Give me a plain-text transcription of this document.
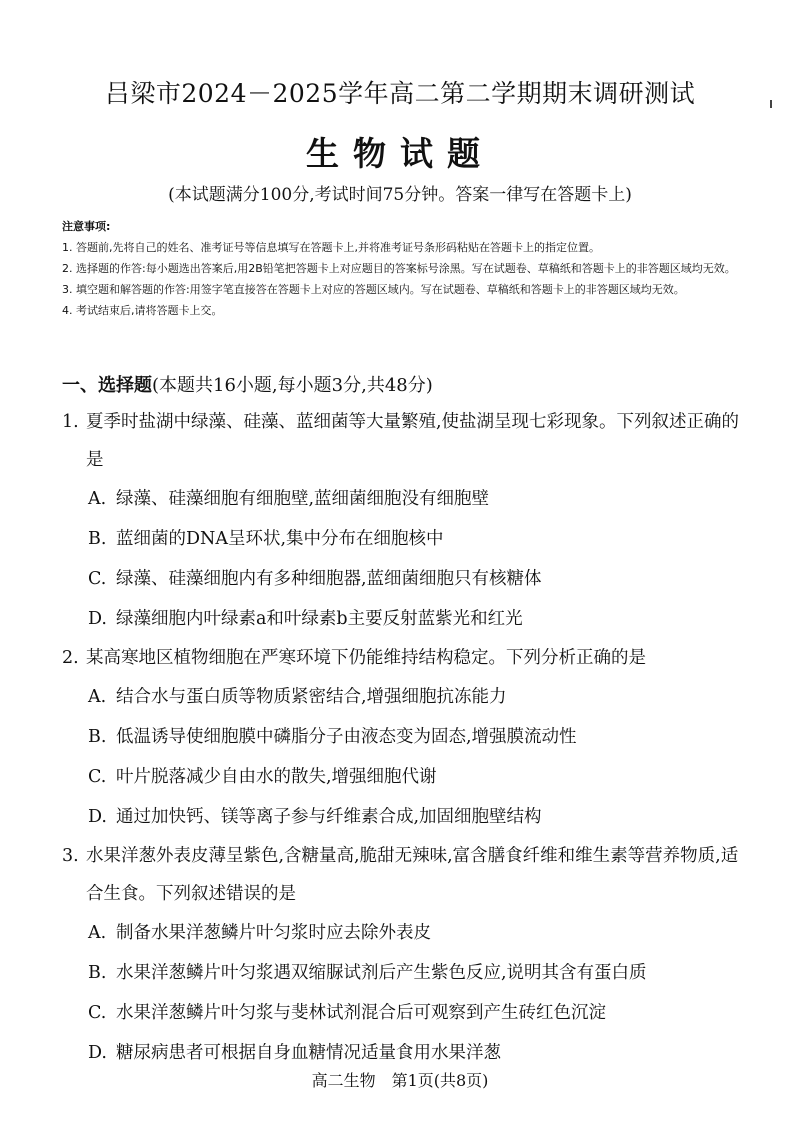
吕梁市2024－2025学年高二第二学期期末调研测试
生物试题
(本试题满分100分,考试时间75分钟。答案一律写在答题卡上)
注意事项:
1. 答题前,先将自己的姓名、准考证号等信息填写在答题卡上,并将准考证号条形码粘贴在答题卡上的指定位置。
2. 选择题的作答:每小题选出答案后,用2B铅笔把答题卡上对应题目的答案标号涂黑。写在试题卷、草稿纸和答题卡上的非答题区域均无效。
3. 填空题和解答题的作答:用签字笔直接答在答题卡上对应的答题区域内。写在试题卷、草稿纸和答题卡上的非答题区域均无效。
4. 考试结束后,请将答题卡上交。
一、选择题(本题共16小题,每小题3分,共48分)
1. 夏季时盐湖中绿藻、硅藻、蓝细菌等大量繁殖,使盐湖呈现七彩现象。下列叙述正确的是
A. 绿藻、硅藻细胞有细胞壁,蓝细菌细胞没有细胞壁
B. 蓝细菌的DNA呈环状,集中分布在细胞核中
C. 绿藻、硅藻细胞内有多种细胞器,蓝细菌细胞只有核糖体
D. 绿藻细胞内叶绿素a和叶绿素b主要反射蓝紫光和红光
2. 某高寒地区植物细胞在严寒环境下仍能维持结构稳定。下列分析正确的是
A. 结合水与蛋白质等物质紧密结合,增强细胞抗冻能力
B. 低温诱导使细胞膜中磷脂分子由液态变为固态,增强膜流动性
C. 叶片脱落减少自由水的散失,增强细胞代谢
D. 通过加快钙、镁等离子参与纤维素合成,加固细胞壁结构
3. 水果洋葱外表皮薄呈紫色,含糖量高,脆甜无辣味,富含膳食纤维和维生素等营养物质,适合生食。下列叙述错误的是
A. 制备水果洋葱鳞片叶匀浆时应去除外表皮
B. 水果洋葱鳞片叶匀浆遇双缩脲试剂后产生紫色反应,说明其含有蛋白质
C. 水果洋葱鳞片叶匀浆与斐林试剂混合后可观察到产生砖红色沉淀
D. 糖尿病患者可根据自身血糖情况适量食用水果洋葱
高二生物　第1页(共8页)
